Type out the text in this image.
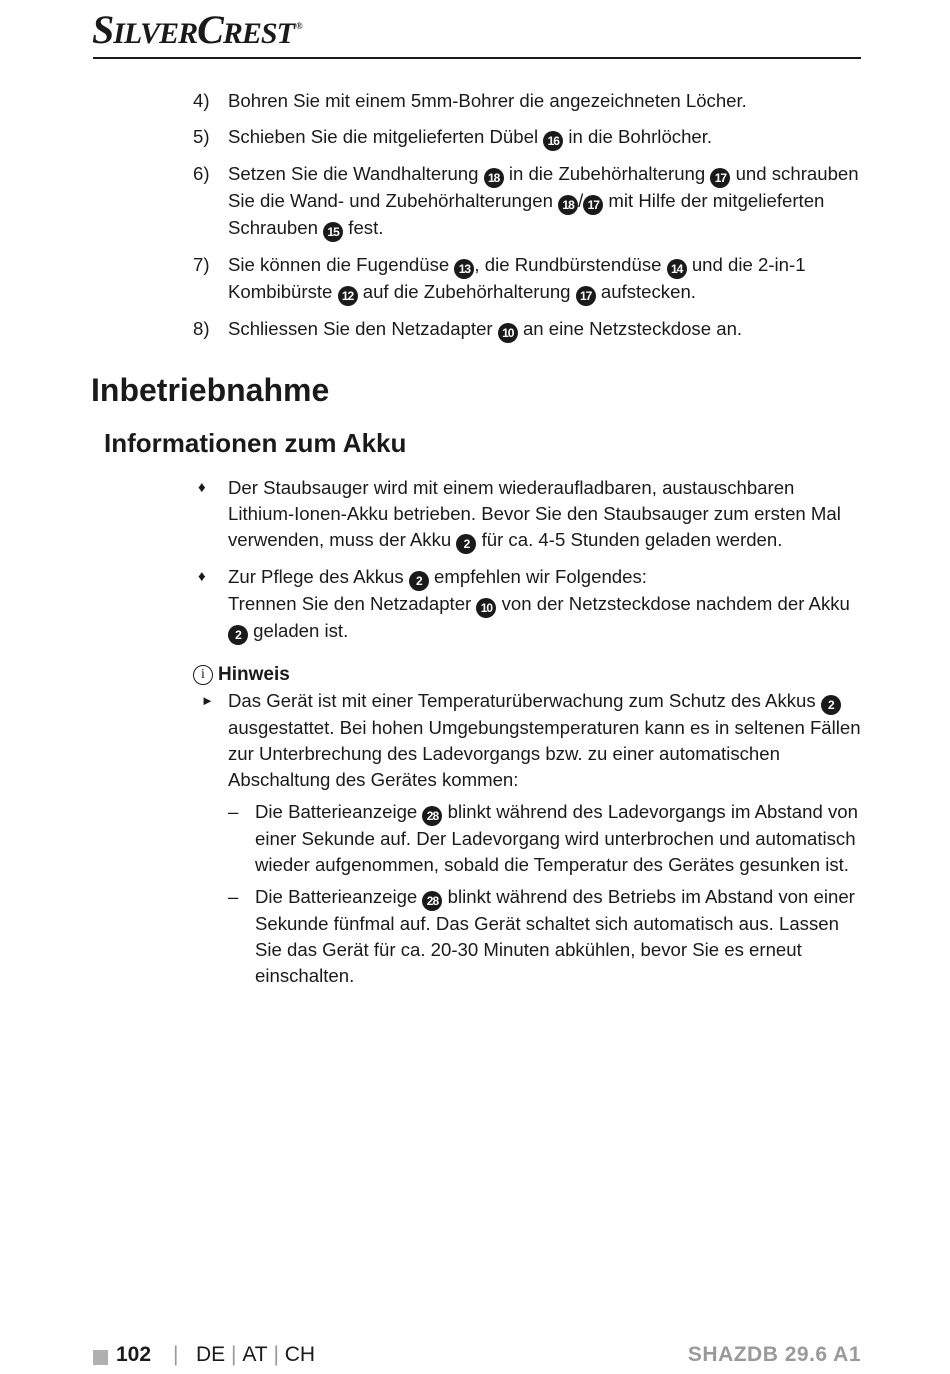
SILVERCREST ®
4) Bohren Sie mit einem 5mm-Bohrer die angezeichneten Löcher.
5) Schieben Sie die mitgelieferten Dübel 16 in die Bohrlöcher.
6) Setzen Sie die Wandhalterung 18 in die Zubehörhalterung 17 und schrauben Sie die Wand- und Zubehörhalterungen 18 / 17 mit Hilfe der mitgelieferten Schrauben 15 fest.
7) Sie können die Fugendüse 13 , die Rundbürstendüse 14 und die 2-in-1 Kombibürste 12 auf die Zubehörhalterung 17 aufstecken.
8) Schliessen Sie den Netzadapter 10 an eine Netzsteckdose an.
Inbetriebnahme
Informationen zum Akku
♦	Der Staubsauger wird mit einem wiederaufladbaren, austauschbaren Lithium-Ionen-Akku betrieben. Bevor Sie den Staubsauger zum ersten Mal verwenden, muss der Akku 2 für ca. 4-5 Stunden geladen werden.
♦	Zur Pflege des Akkus 2 empfehlen wir Folgendes:
Trennen Sie den Netzadapter 10 von der Netzsteckdose nachdem der Akku 2 geladen ist.
i Hinweis
► Das Gerät ist mit einer Temperaturüberwachung zum Schutz des Akkus 2 ausgestattet. Bei hohen Umgebungstemperaturen kann es in seltenen Fällen zur Unterbrechung des Ladevorgangs bzw. zu einer automatischen Abschaltung des Gerätes kommen:
– Die Batterieanzeige 28 blinkt während des Ladevorgangs im Abstand von einer Sekunde auf. Der Ladevorgang wird unterbrochen und automatisch wieder aufgenommen, sobald die Temperatur des Gerätes gesunken ist.
– Die Batterieanzeige 28 blinkt während des Betriebs im Abstand von einer Sekunde fünfmal auf. Das Gerät schaltet sich automatisch aus. Lassen Sie das Gerät für ca. 20-30 Minuten abkühlen, bevor Sie es erneut einschalten.
102 | DE | AT | CH	SHAZDB 29.6 A1
